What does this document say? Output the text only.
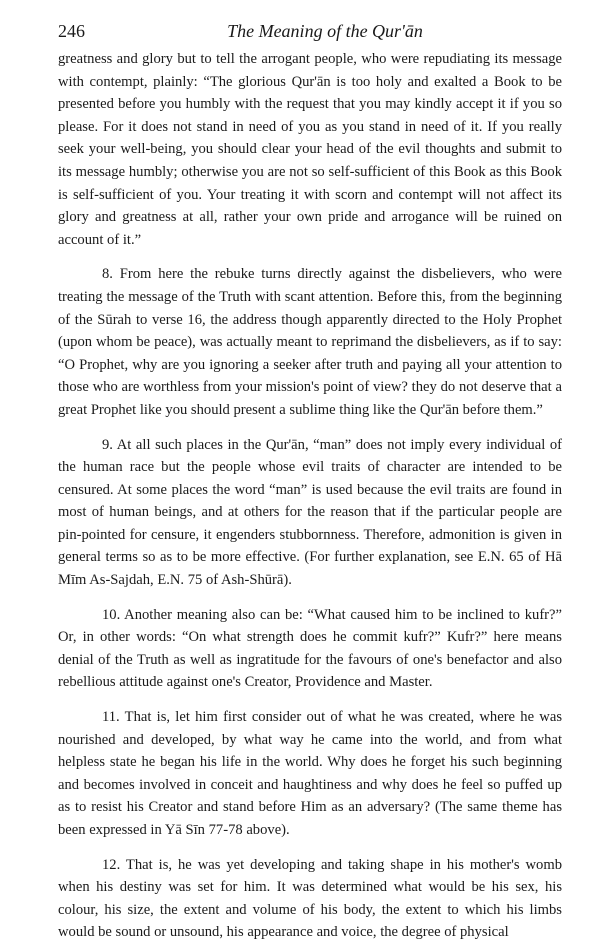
246	The Meaning of the Qur'ān

greatness and glory but to tell the arrogant people, who were repudiating its message with contempt, plainly: “The glorious Qur'ān is too holy and exalted a Book to be presented before you humbly with the request that you may kindly accept it if you so please. For it does not stand in need of you as you stand in need of it. If you really seek your well-being, you should clear your head of the evil thoughts and submit to its message humbly; otherwise you are not so self-sufficient of this Book as this Book is self-sufficient of you. Your treating it with scorn and contempt will not affect its glory and greatness at all, rather your own pride and arrogance will be ruined on account of it.”

8. From here the rebuke turns directly against the disbelievers, who were treating the message of the Truth with scant attention. Before this, from the beginning of the Sūrah to verse 16, the address though apparently directed to the Holy Prophet (upon whom be peace), was actually meant to reprimand the disbelievers, as if to say: “O Prophet, why are you ignoring a seeker after truth and paying all your attention to those who are worthless from your mission's point of view? they do not deserve that a great Prophet like you should present a sublime thing like the Qur'ān before them.”

9. At all such places in the Qur'ān, “man” does not imply every individual of the human race but the people whose evil traits of character are intended to be censured. At some places the word “man” is used because the evil traits are found in most of human beings, and at others for the reason that if the particular people are pin-pointed for censure, it engenders stubbornness. Therefore, admonition is given in general terms so as to be more effective. (For further explanation, see E.N. 65 of Hā Mīm As-Sajdah, E.N. 75 of Ash-Shūrā).

10. Another meaning also can be: “What caused him to be inclined to kufr?” Or, in other words: “On what strength does he commit kufr?” Kufr?” here means denial of the Truth as well as ingratitude for the favours of one's benefactor and also rebellious attitude against one's Creator, Providence and Master.

11. That is, let him first consider out of what he was created, where he was nourished and developed, by what way he came into the world, and from what helpless state he began his life in the world. Why does he forget his such beginning and becomes involved in conceit and haughtiness and why does he feel so puffed up as to resist his Creator and stand before Him as an adversary? (The same theme has been expressed in Yā Sīn 77-78 above).

12. That is, he was yet developing and taking shape in his mother's womb when his destiny was set for him. It was determined what would be his sex, his colour, his size, the extent and volume of his body, the extent to which his limbs would be sound or unsound, his appearance and voice, the degree of physical
